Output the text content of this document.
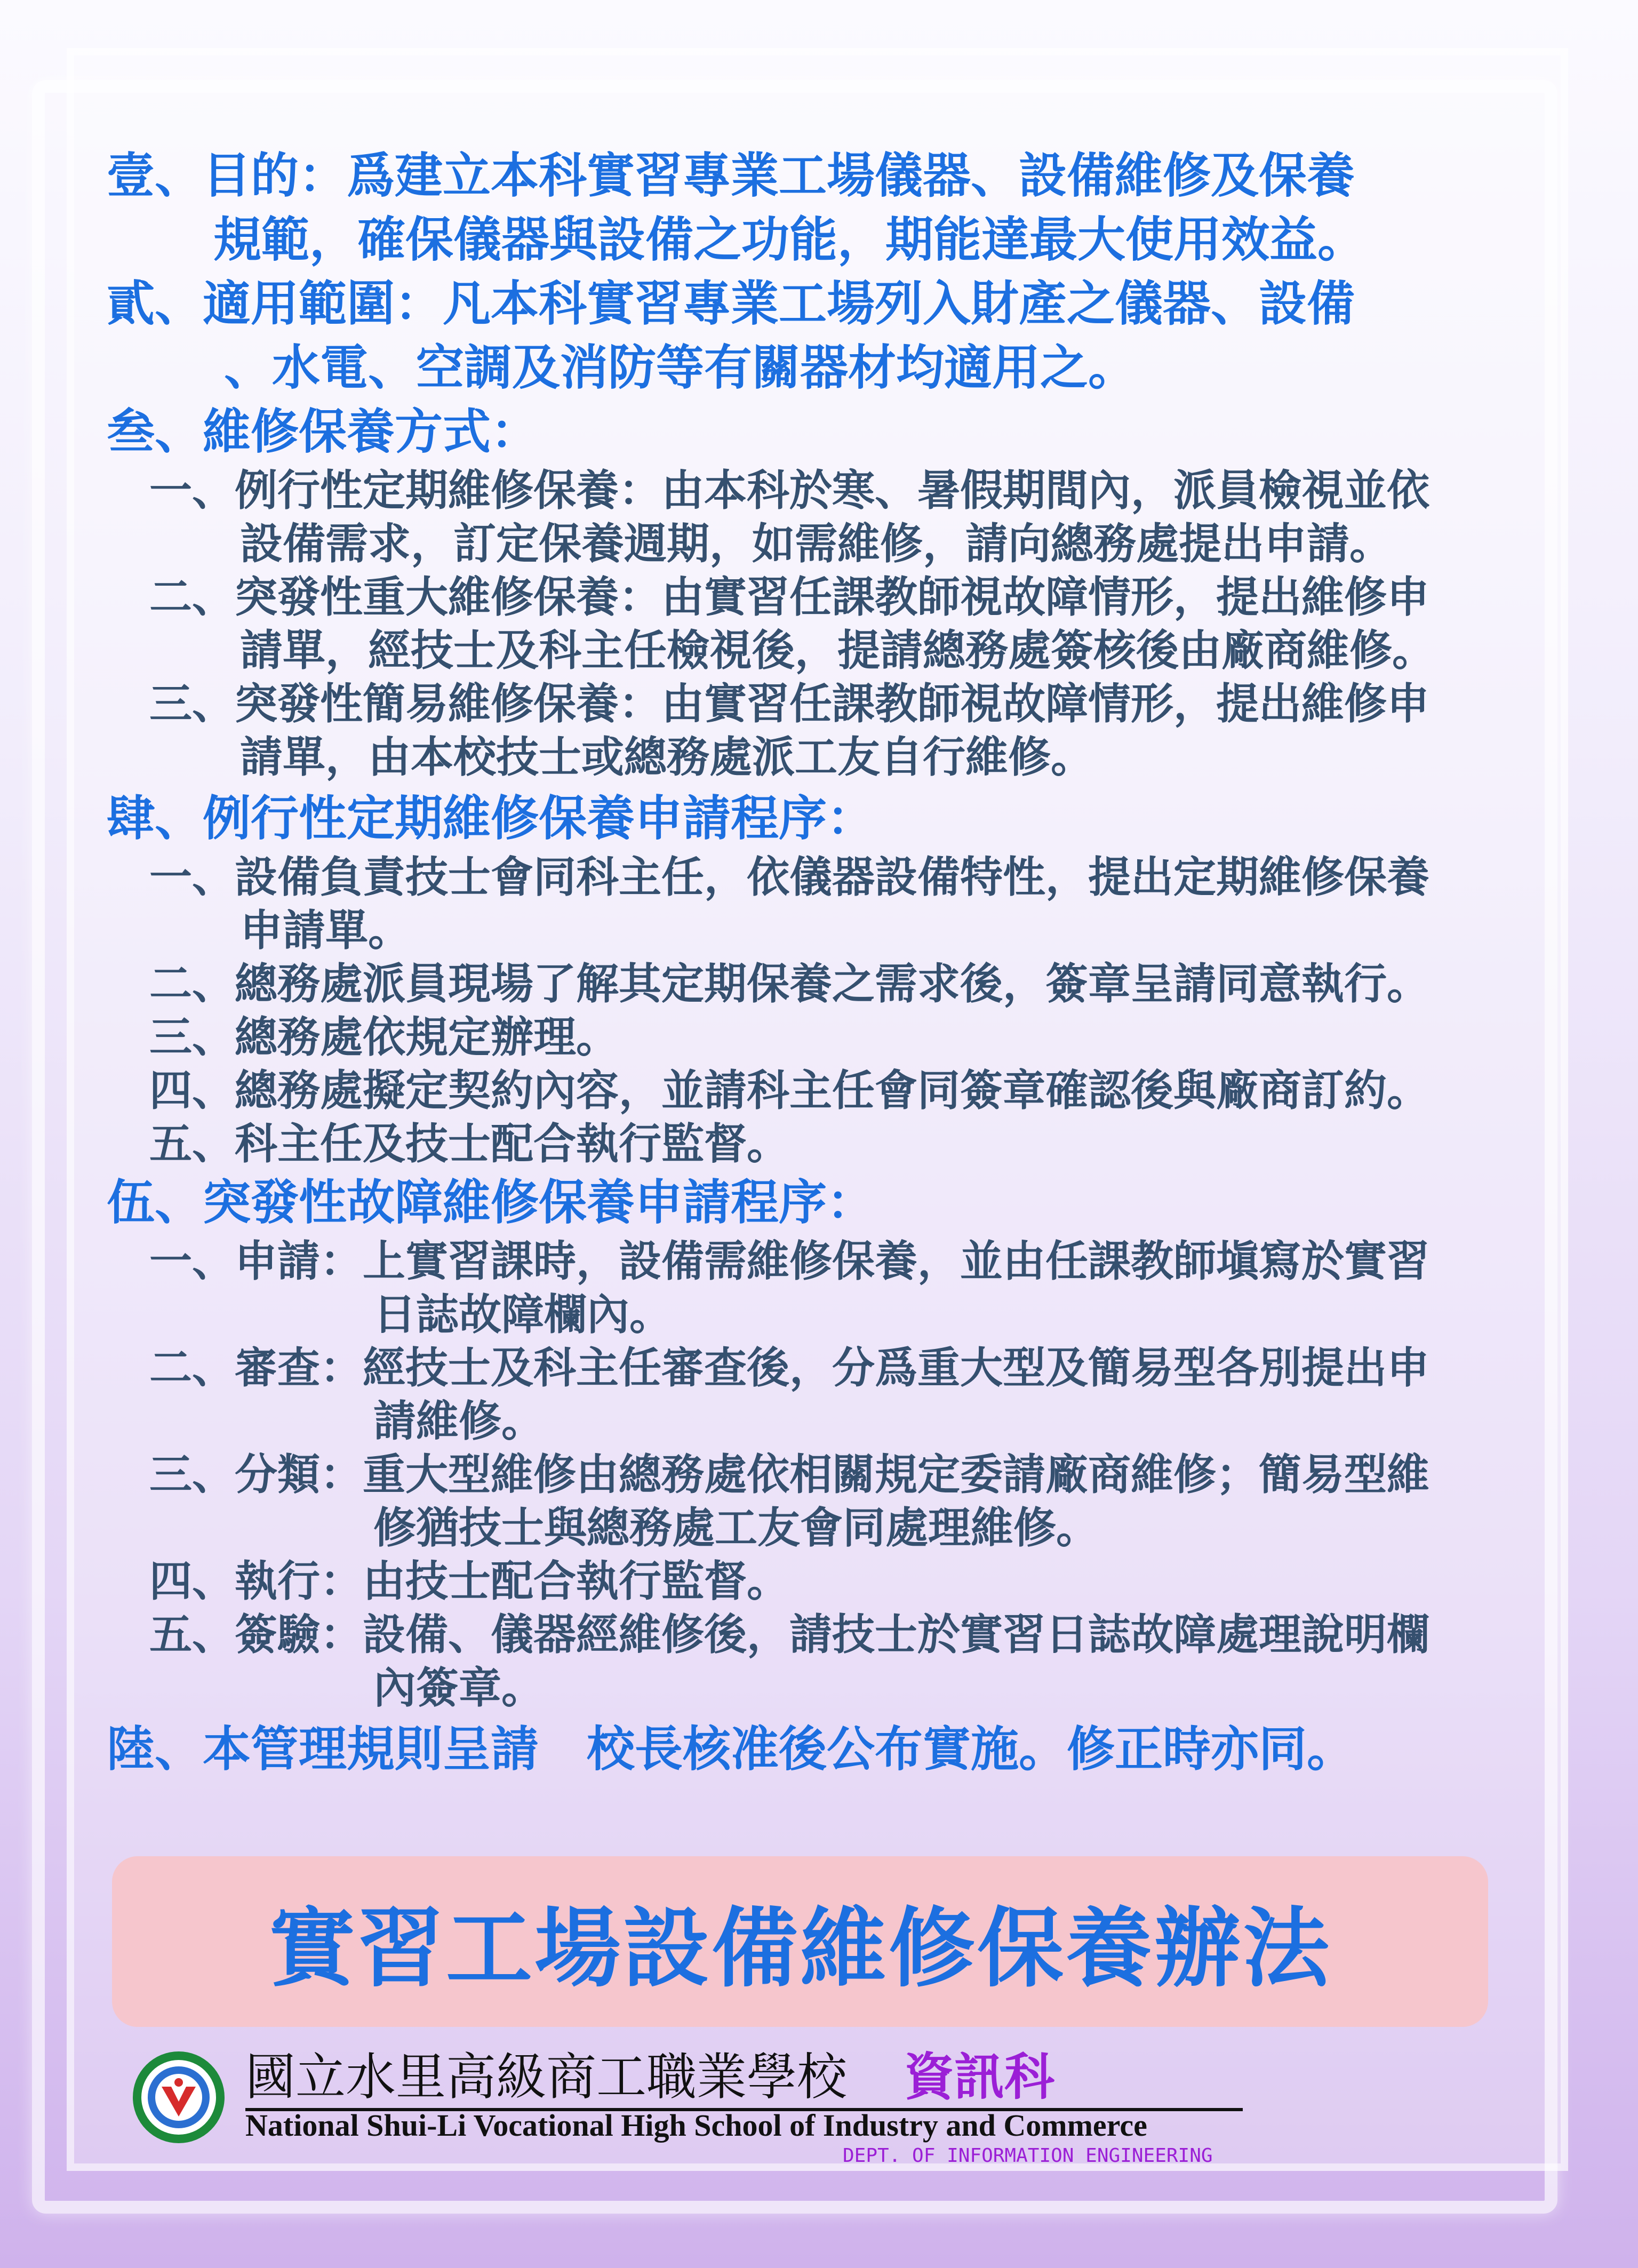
壹、目的：爲建立本科實習專業工場儀器、設備維修及保養
規範，確保儀器與設備之功能，期能達最大使用效益。
貳、適用範圍：凡本科實習專業工場列入財產之儀器、設備
、水電、空調及消防等有關器材均適用之。
叁、維修保養方式：
一、例行性定期維修保養：由本科於寒、暑假期間內，派員檢視並依
設備需求，訂定保養週期，如需維修，請向總務處提出申請。
二、突發性重大維修保養：由實習任課教師視故障情形，提出維修申
請單，經技士及科主任檢視後，提請總務處簽核後由廠商維修。
三、突發性簡易維修保養：由實習任課教師視故障情形，提出維修申
請單，由本校技士或總務處派工友自行維修。
肆、例行性定期維修保養申請程序：
一、設備負責技士會同科主任，依儀器設備特性，提出定期維修保養
申請單。
二、總務處派員現場了解其定期保養之需求後，簽章呈請同意執行。
三、總務處依規定辦理。
四、總務處擬定契約內容，並請科主任會同簽章確認後與廠商訂約。
五、科主任及技士配合執行監督。
伍、突發性故障維修保養申請程序：
一、申請：上實習課時，設備需維修保養，並由任課教師塡寫於實習
日誌故障欄內。
二、審查：經技士及科主任審查後，分爲重大型及簡易型各別提出申
請維修。
三、分類：重大型維修由總務處依相關規定委請廠商維修；簡易型維
修猶技士與總務處工友會同處理維修。
四、執行：由技士配合執行監督。
五、簽驗：設備、儀器經維修後，請技士於實習日誌故障處理說明欄
內簽章。
陸、本管理規則呈請　校長核准後公布實施。修正時亦同。
實習工場設備維修保養辦法
國立水里高級商工職業學校 資訊科
National Shui-Li Vocational High School of Industry and Commerce
DEPT. OF INFORMATION ENGINEERING
